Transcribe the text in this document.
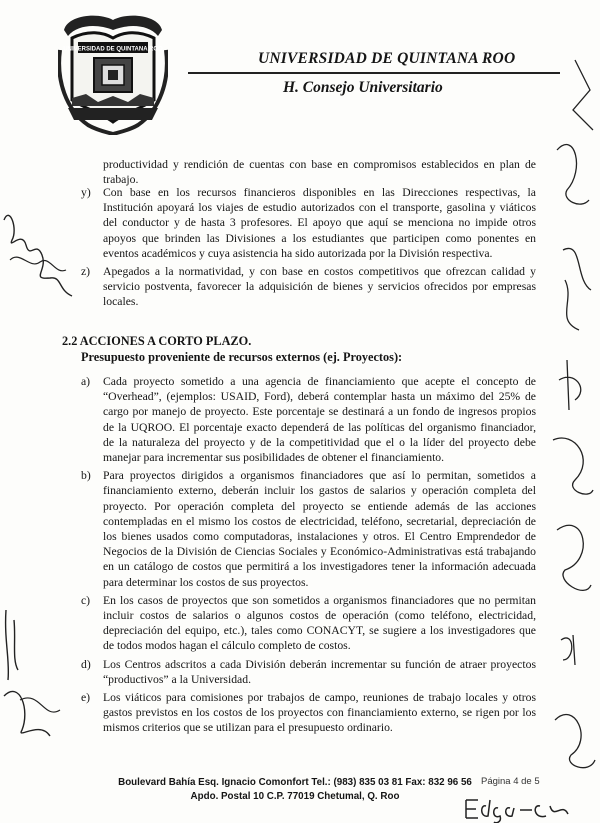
UNIVERSIDAD DE QUINTANA ROO
UNIVERSIDAD DE QUINTANA ROO
H. Consejo Universitario
productividad y rendición de cuentas con base en compromisos establecidos en plan de trabajo.
y)	Con base en los recursos financieros disponibles en las Direcciones respectivas, la Institución apoyará los viajes de estudio autorizados con el transporte, gasolina y viáticos del conductor y de hasta 3 profesores. El apoyo que aquí se menciona no impide otros apoyos que brinden las Divisiones a los estudiantes que participen como ponentes en eventos académicos y cuya asistencia ha sido autorizada por la División respectiva.
z)	Apegados a la normatividad, y con base en costos competitivos que ofrezcan calidad y servicio postventa, favorecer la adquisición de bienes y servicios ofrecidos por empresas locales.
2.2 ACCIONES A CORTO PLAZO.
Presupuesto proveniente de recursos externos (ej. Proyectos):
a)	Cada proyecto sometido a una agencia de financiamiento que acepte el concepto de “Overhead”, (ejemplos: USAID, Ford), deberá contemplar hasta un máximo del 25% de cargo por manejo de proyecto. Este porcentaje se destinará a un fondo de ingresos propios de la UQROO. El porcentaje exacto dependerá de las políticas del organismo financiador, de la naturaleza del proyecto y de la competitividad que el o la líder del proyecto debe manejar para incrementar sus posibilidades de obtener el financiamiento.
b)	Para proyectos dirigidos a organismos financiadores que así lo permitan, sometidos a financiamiento externo, deberán incluir los gastos de salarios y operación completa del proyecto. Por operación completa del proyecto se entiende además de las acciones contempladas en el mismo los costos de electricidad, teléfono, secretarial, depreciación de los bienes usados como computadoras, instalaciones y otros. El Centro Emprendedor de Negocios de la División de Ciencias Sociales y Económico-Administrativas está trabajando en un catálogo de costos que permitirá a los investigadores tener la información adecuada para determinar los costos de sus proyectos.
c)	En los casos de proyectos que son sometidos a organismos financiadores que no permitan incluir costos de salarios o algunos costos de operación (como teléfono, electricidad, depreciación del equipo, etc.), tales como CONACYT, se sugiere a los investigadores que de todos modos hagan el cálculo completo de costos.
d)	Los Centros adscritos a cada División deberán incrementar su función de atraer proyectos “productivos” a la Universidad.
e)	Los viáticos para comisiones por trabajos de campo, reuniones de trabajo locales y otros gastos previstos en los costos de los proyectos con financiamiento externo, se rigen por los mismos criterios que se utilizan para el presupuesto ordinario.
Boulevard Bahía Esq. Ignacio Comonfort Tel.: (983) 835 03 81 Fax: 832 96 56
Apdo. Postal 10 C.P. 77019 Chetumal, Q. Roo
Página 4 de 5
